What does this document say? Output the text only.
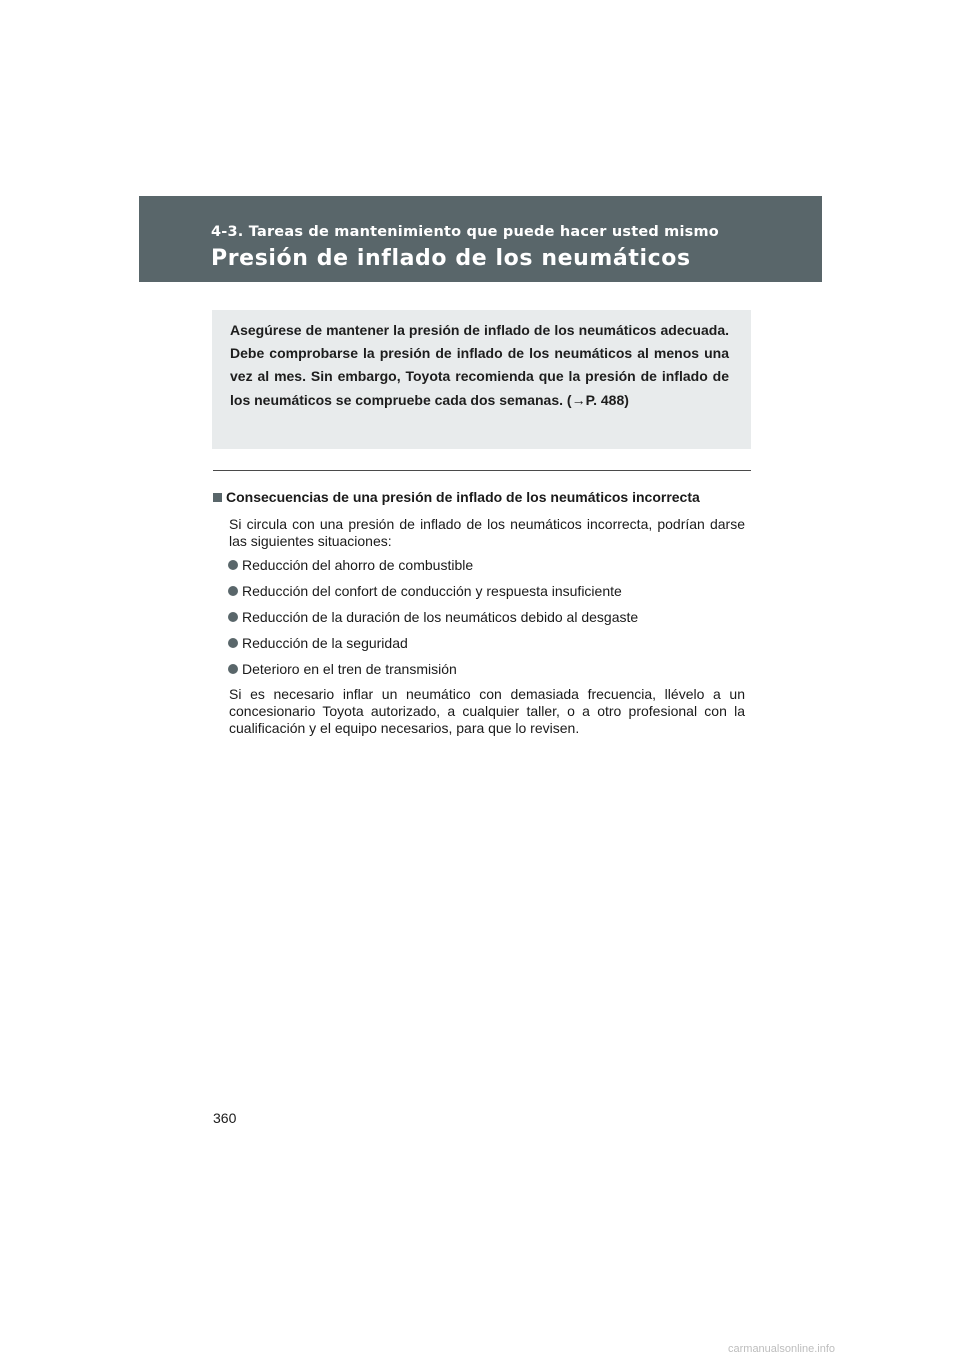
4-3. Tareas de mantenimiento que puede hacer usted mismo
Presión de inflado de los neumáticos

Asegúrese de mantener la presión de inflado de los neumáticos adecuada. Debe comprobarse la presión de inflado de los neumáticos al menos una vez al mes. Sin embargo, Toyota recomienda que la presión de inflado de los neumáticos se compruebe cada dos semanas. (→P. 488)

Consecuencias de una presión de inflado de los neumáticos incorrecta

Si circula con una presión de inflado de los neumáticos incorrecta, podrían darse las siguientes situaciones:

Reducción del ahorro de combustible
Reducción del confort de conducción y respuesta insuficiente
Reducción de la duración de los neumáticos debido al desgaste
Reducción de la seguridad
Deterioro en el tren de transmisión

Si es necesario inflar un neumático con demasiada frecuencia, llévelo a un concesionario Toyota autorizado, a cualquier taller, o a otro profesional con la cualificación y el equipo necesarios, para que lo revisen.

360
carmanualsonline.info
